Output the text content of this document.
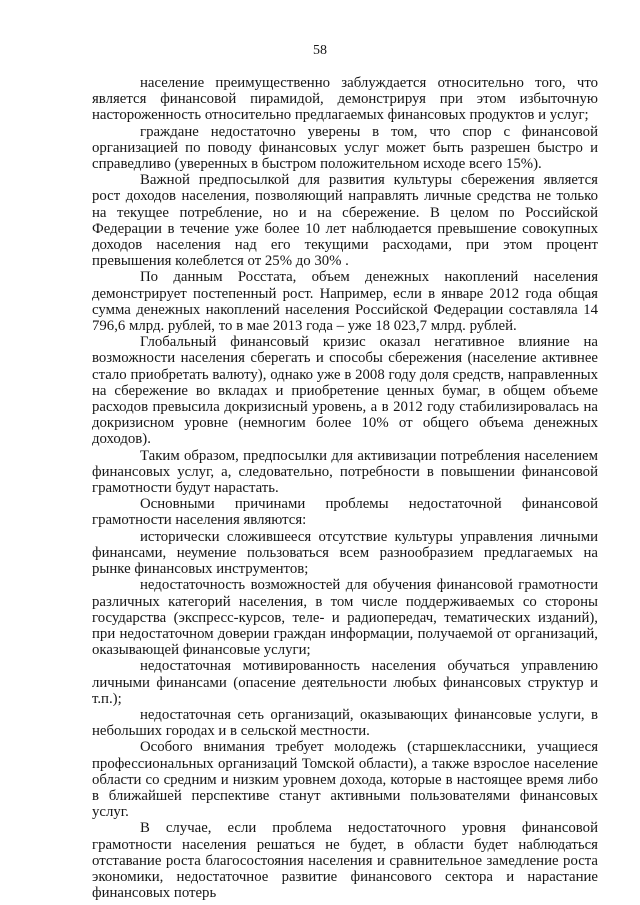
58

население преимущественно заблуждается относительно того, что является финансовой пирамидой, демонстрируя при этом избыточную настороженность относительно предлагаемых финансовых продуктов и услуг;

граждане недостаточно уверены в том, что спор с финансовой организацией по поводу финансовых услуг может быть разрешен быстро и справедливо (уверенных в быстром положительном исходе всего 15%).

Важной предпосылкой для развития культуры сбережения является рост доходов населения, позволяющий направлять личные средства не только на текущее потребление, но и на сбережение. В целом по Российской Федерации в течение уже более 10 лет наблюдается превышение совокупных доходов населения над его текущими расходами, при этом процент превышения колеблется от 25% до 30% .

По данным Росстата, объем денежных накоплений населения демонстрирует постепенный рост. Например, если в январе 2012 года общая сумма денежных накоплений населения Российской Федерации составляла 14 796,6 млрд. рублей, то в мае 2013 года – уже 18 023,7 млрд. рублей.

Глобальный финансовый кризис оказал негативное влияние на возможности населения сберегать и способы сбережения (население активнее стало приобретать валюту), однако уже в 2008 году доля средств, направленных на сбережение во вкладах и приобретение ценных бумаг, в общем объеме расходов превысила докризисный уровень, а в 2012 году стабилизировалась на докризисном уровне (немногим более 10% от общего объема денежных доходов).

Таким образом, предпосылки для активизации потребления населением финансовых услуг, а, следовательно, потребности в повышении финансовой грамотности будут нарастать.

Основными причинами проблемы недостаточной финансовой грамотности населения являются:

исторически сложившееся отсутствие культуры управления личными финансами, неумение пользоваться всем разнообразием предлагаемых на рынке финансовых инструментов;

недостаточность возможностей для обучения финансовой грамотности различных категорий населения, в том числе поддерживаемых со стороны государства (экспресс-курсов, теле- и радиопередач, тематических изданий), при недостаточном доверии граждан информации, получаемой от организаций, оказывающей финансовые услуги;

недостаточная мотивированность населения обучаться управлению личными финансами (опасение деятельности любых финансовых структур и т.п.);

недостаточная сеть организаций, оказывающих финансовые услуги, в небольших городах и в сельской местности.

Особого внимания требует молодежь (старшеклассники, учащиеся профессиональных организаций Томской области), а также взрослое население области со средним и низким уровнем дохода, которые в настоящее время либо в ближайшей перспективе станут активными пользователями финансовых услуг.

В случае, если проблема недостаточного уровня финансовой грамотности населения решаться не будет, в области будет наблюдаться отставание роста благосостояния населения и сравнительное замедление роста экономики, недостаточное развитие финансового сектора и нарастание финансовых потерь
